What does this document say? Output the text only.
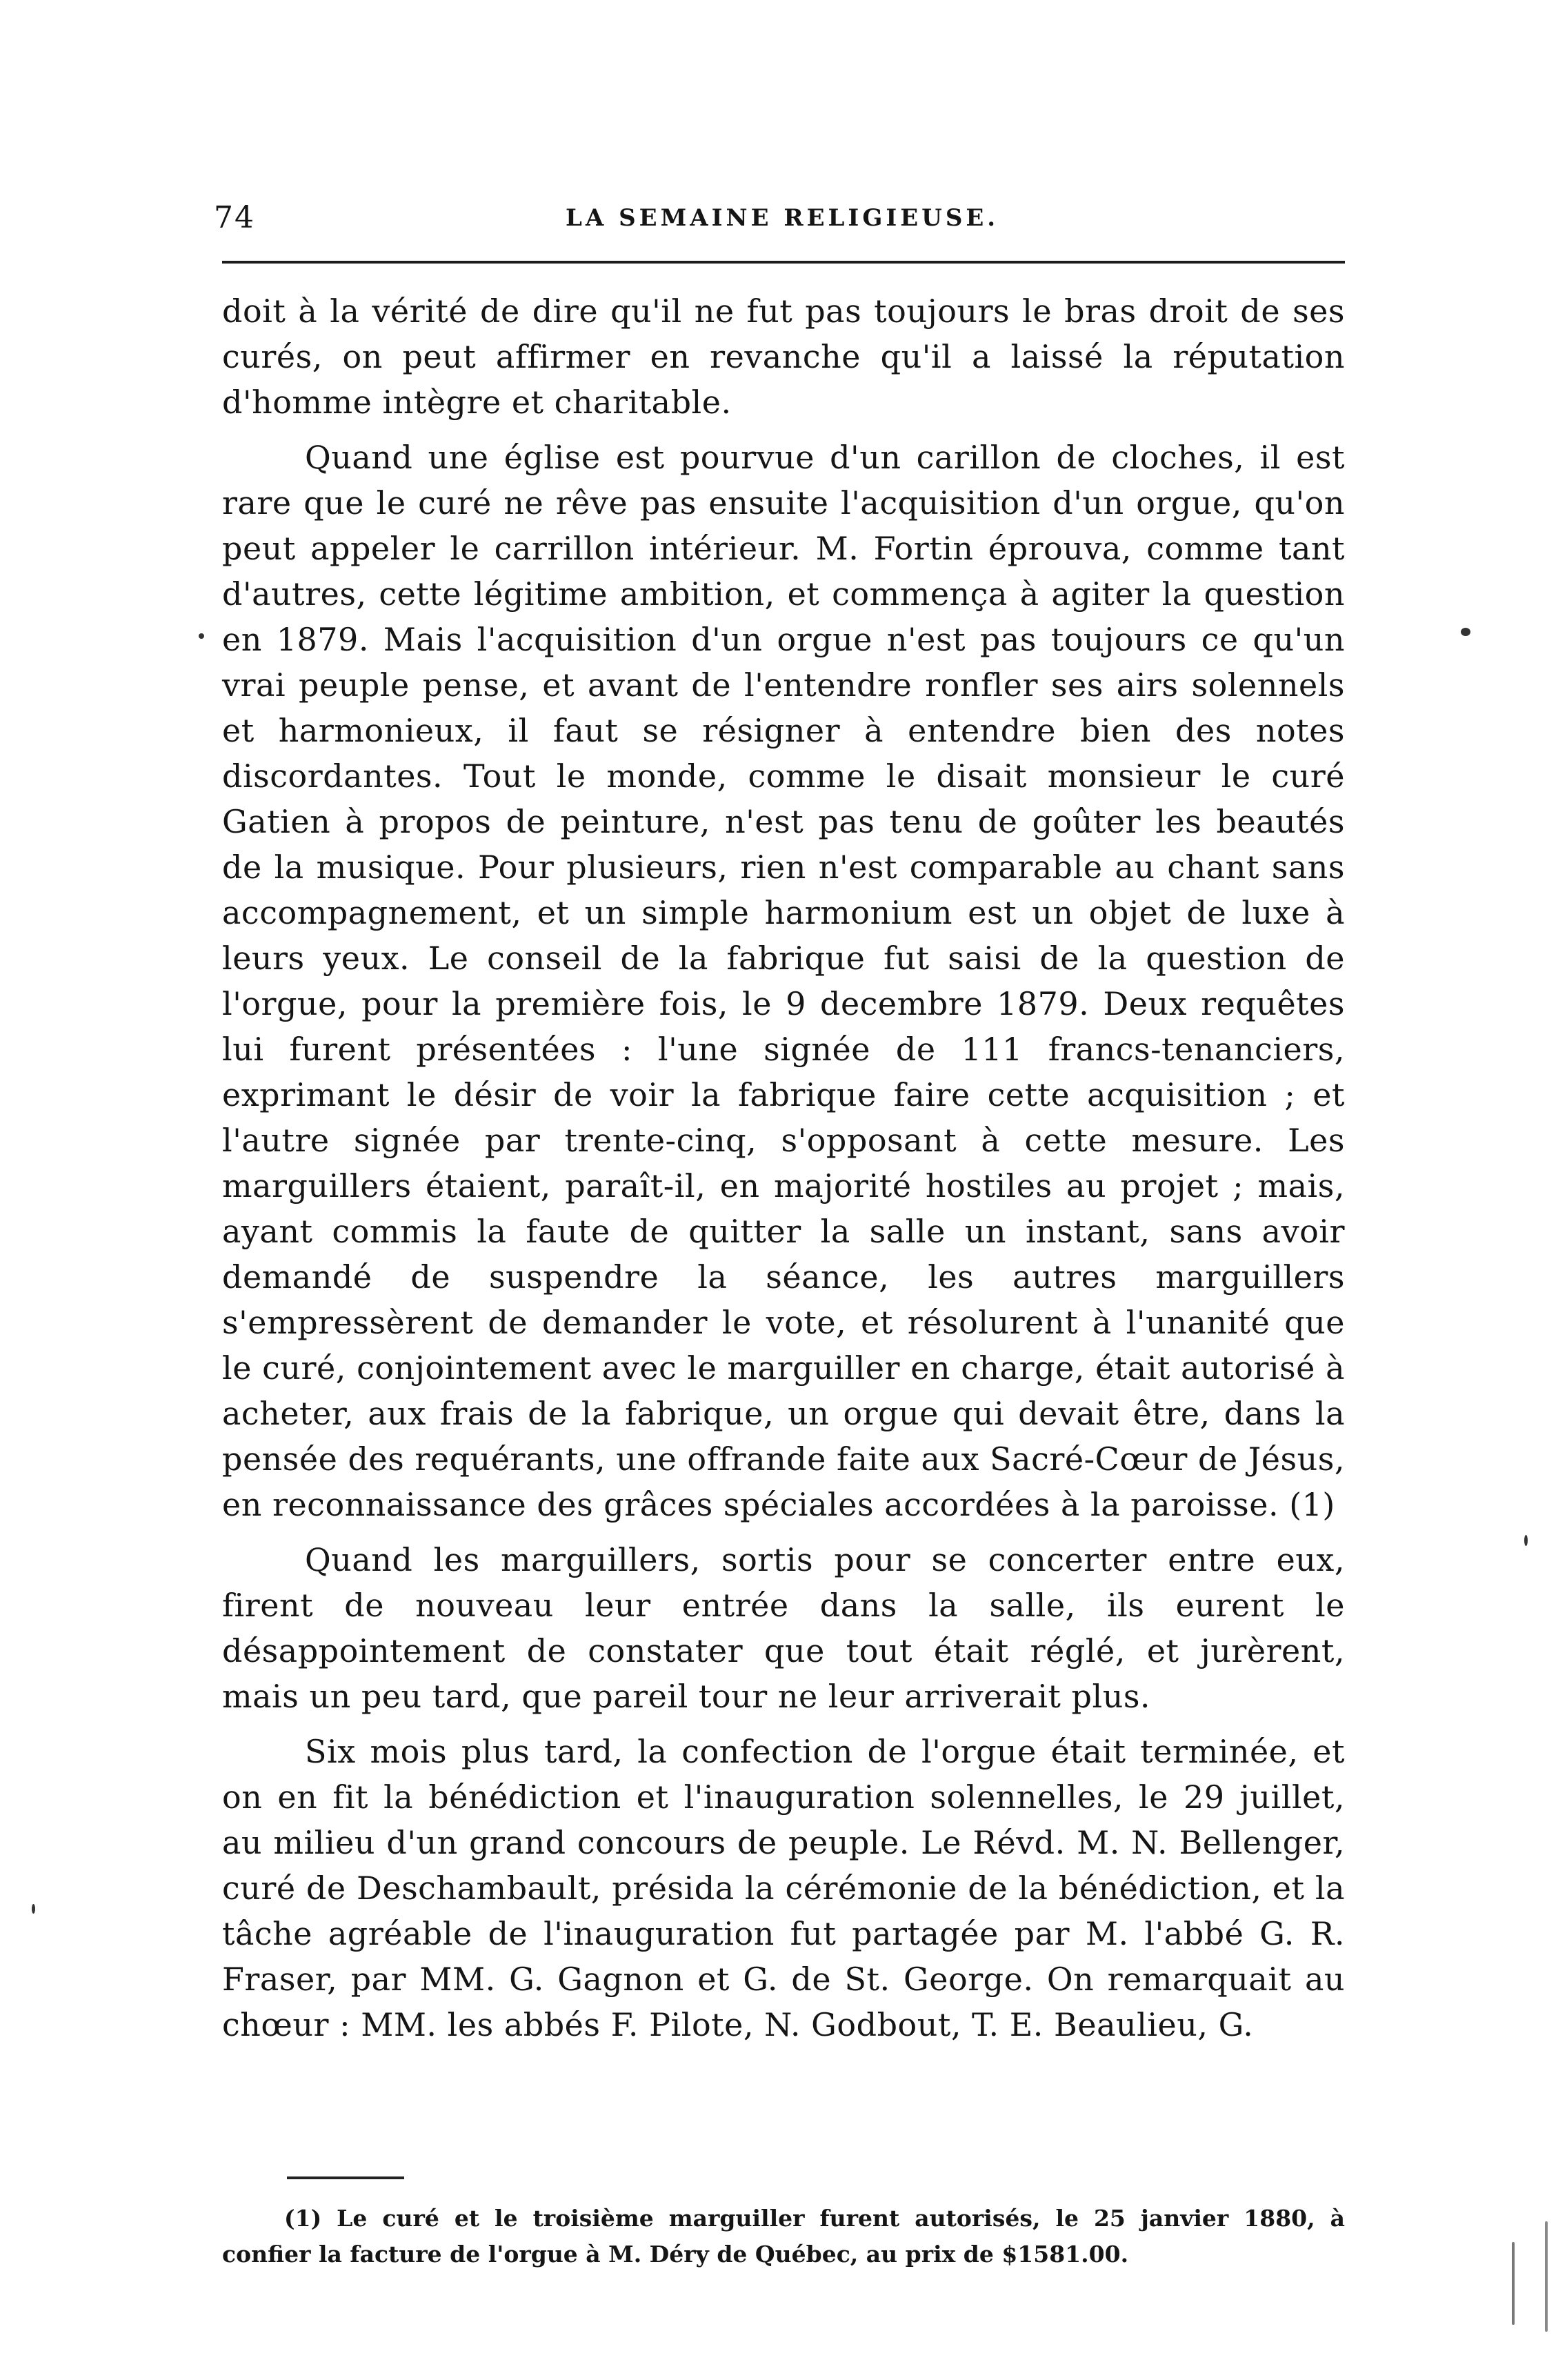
74	LA SEMAINE RELIGIEUSE.

doit à la vérité de dire qu'il ne fut pas toujours le bras droit de ses curés, on peut affirmer en revanche qu'il a laissé la réputation d'homme intègre et charitable.

Quand une église est pourvue d'un carillon de cloches, il est rare que le curé ne rêve pas ensuite l'acquisition d'un orgue, qu'on peut appeler le carrillon intérieur. M. Fortin éprouva, comme tant d'autres, cette légitime ambition, et commença à agiter la question en 1879. Mais l'acquisition d'un orgue n'est pas toujours ce qu'un vrai peuple pense, et avant de l'entendre ronfler ses airs solennels et harmonieux, il faut se résigner à entendre bien des notes discordantes. Tout le monde, comme le disait monsieur le curé Gatien à propos de peinture, n'est pas tenu de goûter les beautés de la musique. Pour plusieurs, rien n'est comparable au chant sans accompagnement, et un simple harmonium est un objet de luxe à leurs yeux. Le conseil de la fabrique fut saisi de la question de l'orgue, pour la première fois, le 9 decembre 1879. Deux requêtes lui furent présentées : l'une signée de 111 francs-tenanciers, exprimant le désir de voir la fabrique faire cette acquisition ; et l'autre signée par trente-cinq, s'opposant à cette mesure. Les marguillers étaient, paraît-il, en majorité hostiles au projet ; mais, ayant commis la faute de quitter la salle un instant, sans avoir demandé de suspendre la séance, les autres marguillers s'empressèrent de demander le vote, et résolurent à l'unanité que le curé, conjointement avec le marguiller en charge, était autorisé à acheter, aux frais de la fabrique, un orgue qui devait être, dans la pensée des requérants, une offrande faite aux Sacré-Cœur de Jésus, en reconnaissance des grâces spéciales accordées à la paroisse. (1)

Quand les marguillers, sortis pour se concerter entre eux, firent de nouveau leur entrée dans la salle, ils eurent le désappointement de constater que tout était réglé, et jurèrent, mais un peu tard, que pareil tour ne leur arriverait plus.

Six mois plus tard, la confection de l'orgue était terminée, et on en fit la bénédiction et l'inauguration solennelles, le 29 juillet, au milieu d'un grand concours de peuple. Le Révd. M. N. Bellenger, curé de Deschambault, présida la cérémonie de la bénédiction, et la tâche agréable de l'inauguration fut partagée par M. l'abbé G. R. Fraser, par MM. G. Gagnon et G. de St. George. On remarquait au chœur : MM. les abbés F. Pilote, N. Godbout, T. E. Beaulieu, G.

(1) Le curé et le troisième marguiller furent autorisés, le 25 janvier 1880, à confier la facture de l'orgue à M. Déry de Québec, au prix de $1581.00.
